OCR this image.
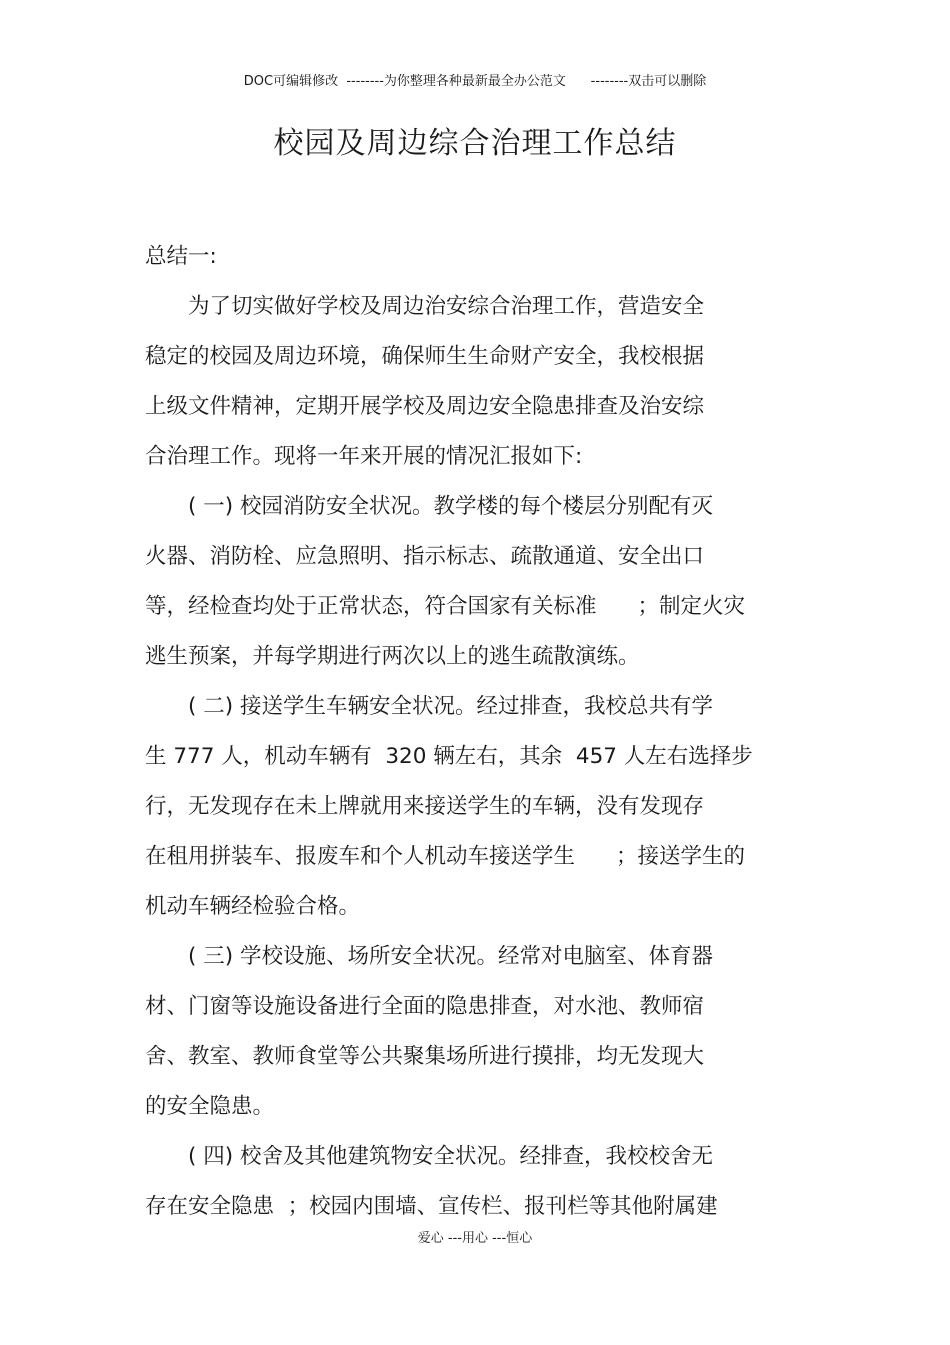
DOC可编辑修改  --------为你整理各种最新最全办公范文      --------双击可以删除
校园及周边综合治理工作总结
总结一:
　　为了切实做好学校及周边治安综合治理工作，营造安全
稳定的校园及周边环境，确保师生生命财产安全，我校根据
上级文件精神，定期开展学校及周边安全隐患排查及治安综
合治理工作。现将一年来开展的情况汇报如下:
　　( 一) 校园消防安全状况。教学楼的每个楼层分别配有灭
火器、消防栓、应急照明、指示标志、疏散通道、安全出口
等，经检查均处于正常状态，符合国家有关标准      ；制定火灾
逃生预案，并每学期进行两次以上的逃生疏散演练。
　　( 二) 接送学生车辆安全状况。经过排查，我校总共有学
生 777 人，机动车辆有  320 辆左右，其余  457 人左右选择步
行，无发现存在未上牌就用来接送学生的车辆，没有发现存
在租用拼装车、报废车和个人机动车接送学生      ；接送学生的
机动车辆经检验合格。
　　( 三) 学校设施、场所安全状况。经常对电脑室、体育器
材、门窗等设施设备进行全面的隐患排查，对水池、教师宿
舍、教室、教师食堂等公共聚集场所进行摸排，均无发现大
的安全隐患。
　　( 四) 校舍及其他建筑物安全状况。经排查，我校校舍无
存在安全隐患  ；校园内围墙、宣传栏、报刊栏等其他附属建
爱心 ---用心 ---恒心
